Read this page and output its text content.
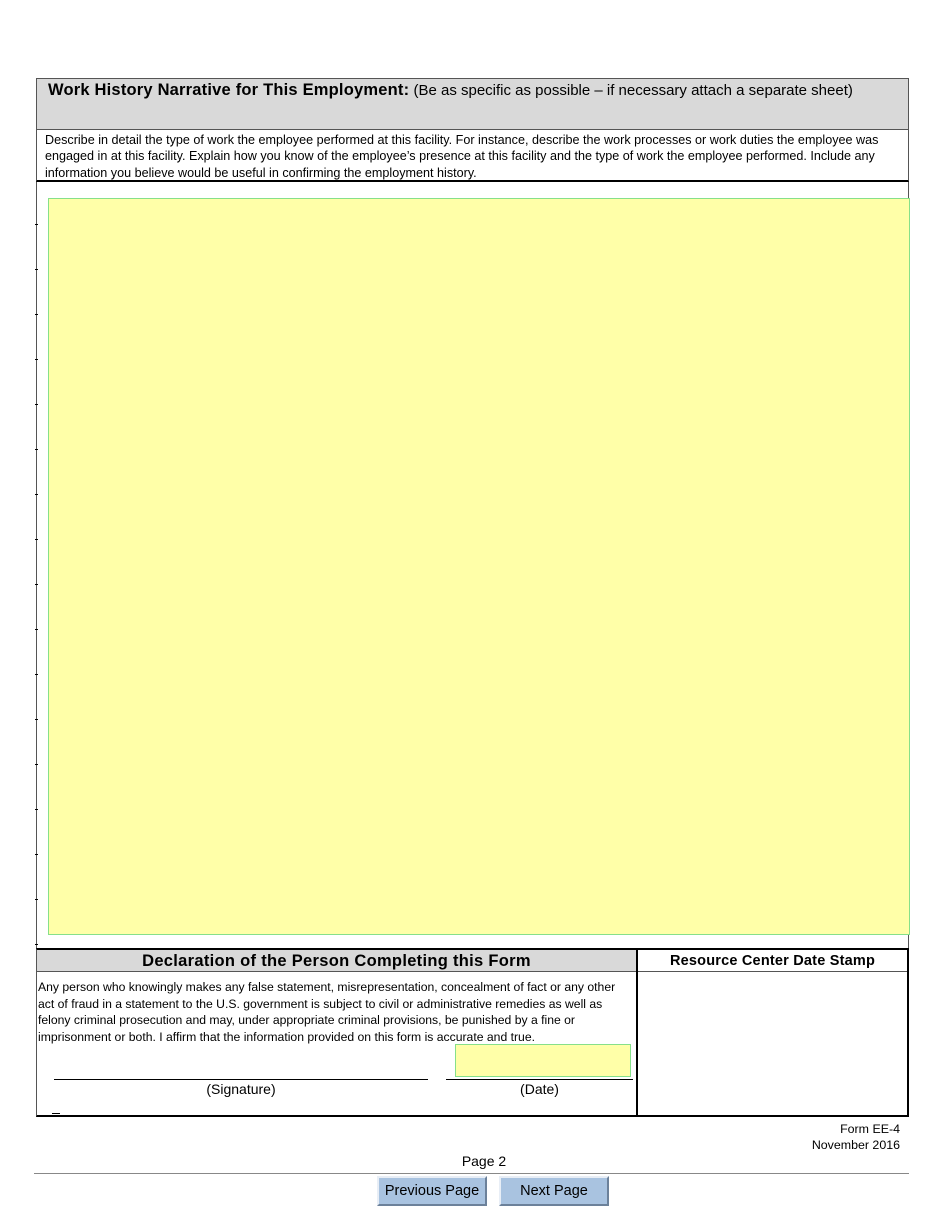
Work History Narrative for This Employment: (Be as specific as possible – if necessary attach a separate sheet)
Describe in detail the type of work the employee performed at this facility. For instance, describe the work processes or work duties the employee was engaged in at this facility. Explain how you know of the employee’s presence at this facility and the type of work the employee performed. Include any information you believe would be useful in confirming the employment history.
Declaration of the Person Completing this Form	Resource Center Date Stamp
Any person who knowingly makes any false statement, misrepresentation, concealment of fact or any other act of fraud in a statement to the U.S. government is subject to civil or administrative remedies as well as felony criminal prosecution and may, under appropriate criminal provisions, be punished by a fine or imprisonment or both. I affirm that the information provided on this form is accurate and true.
(Signature)	(Date)
Form EE-4
November 2016
Page 2
Previous Page	Next Page
